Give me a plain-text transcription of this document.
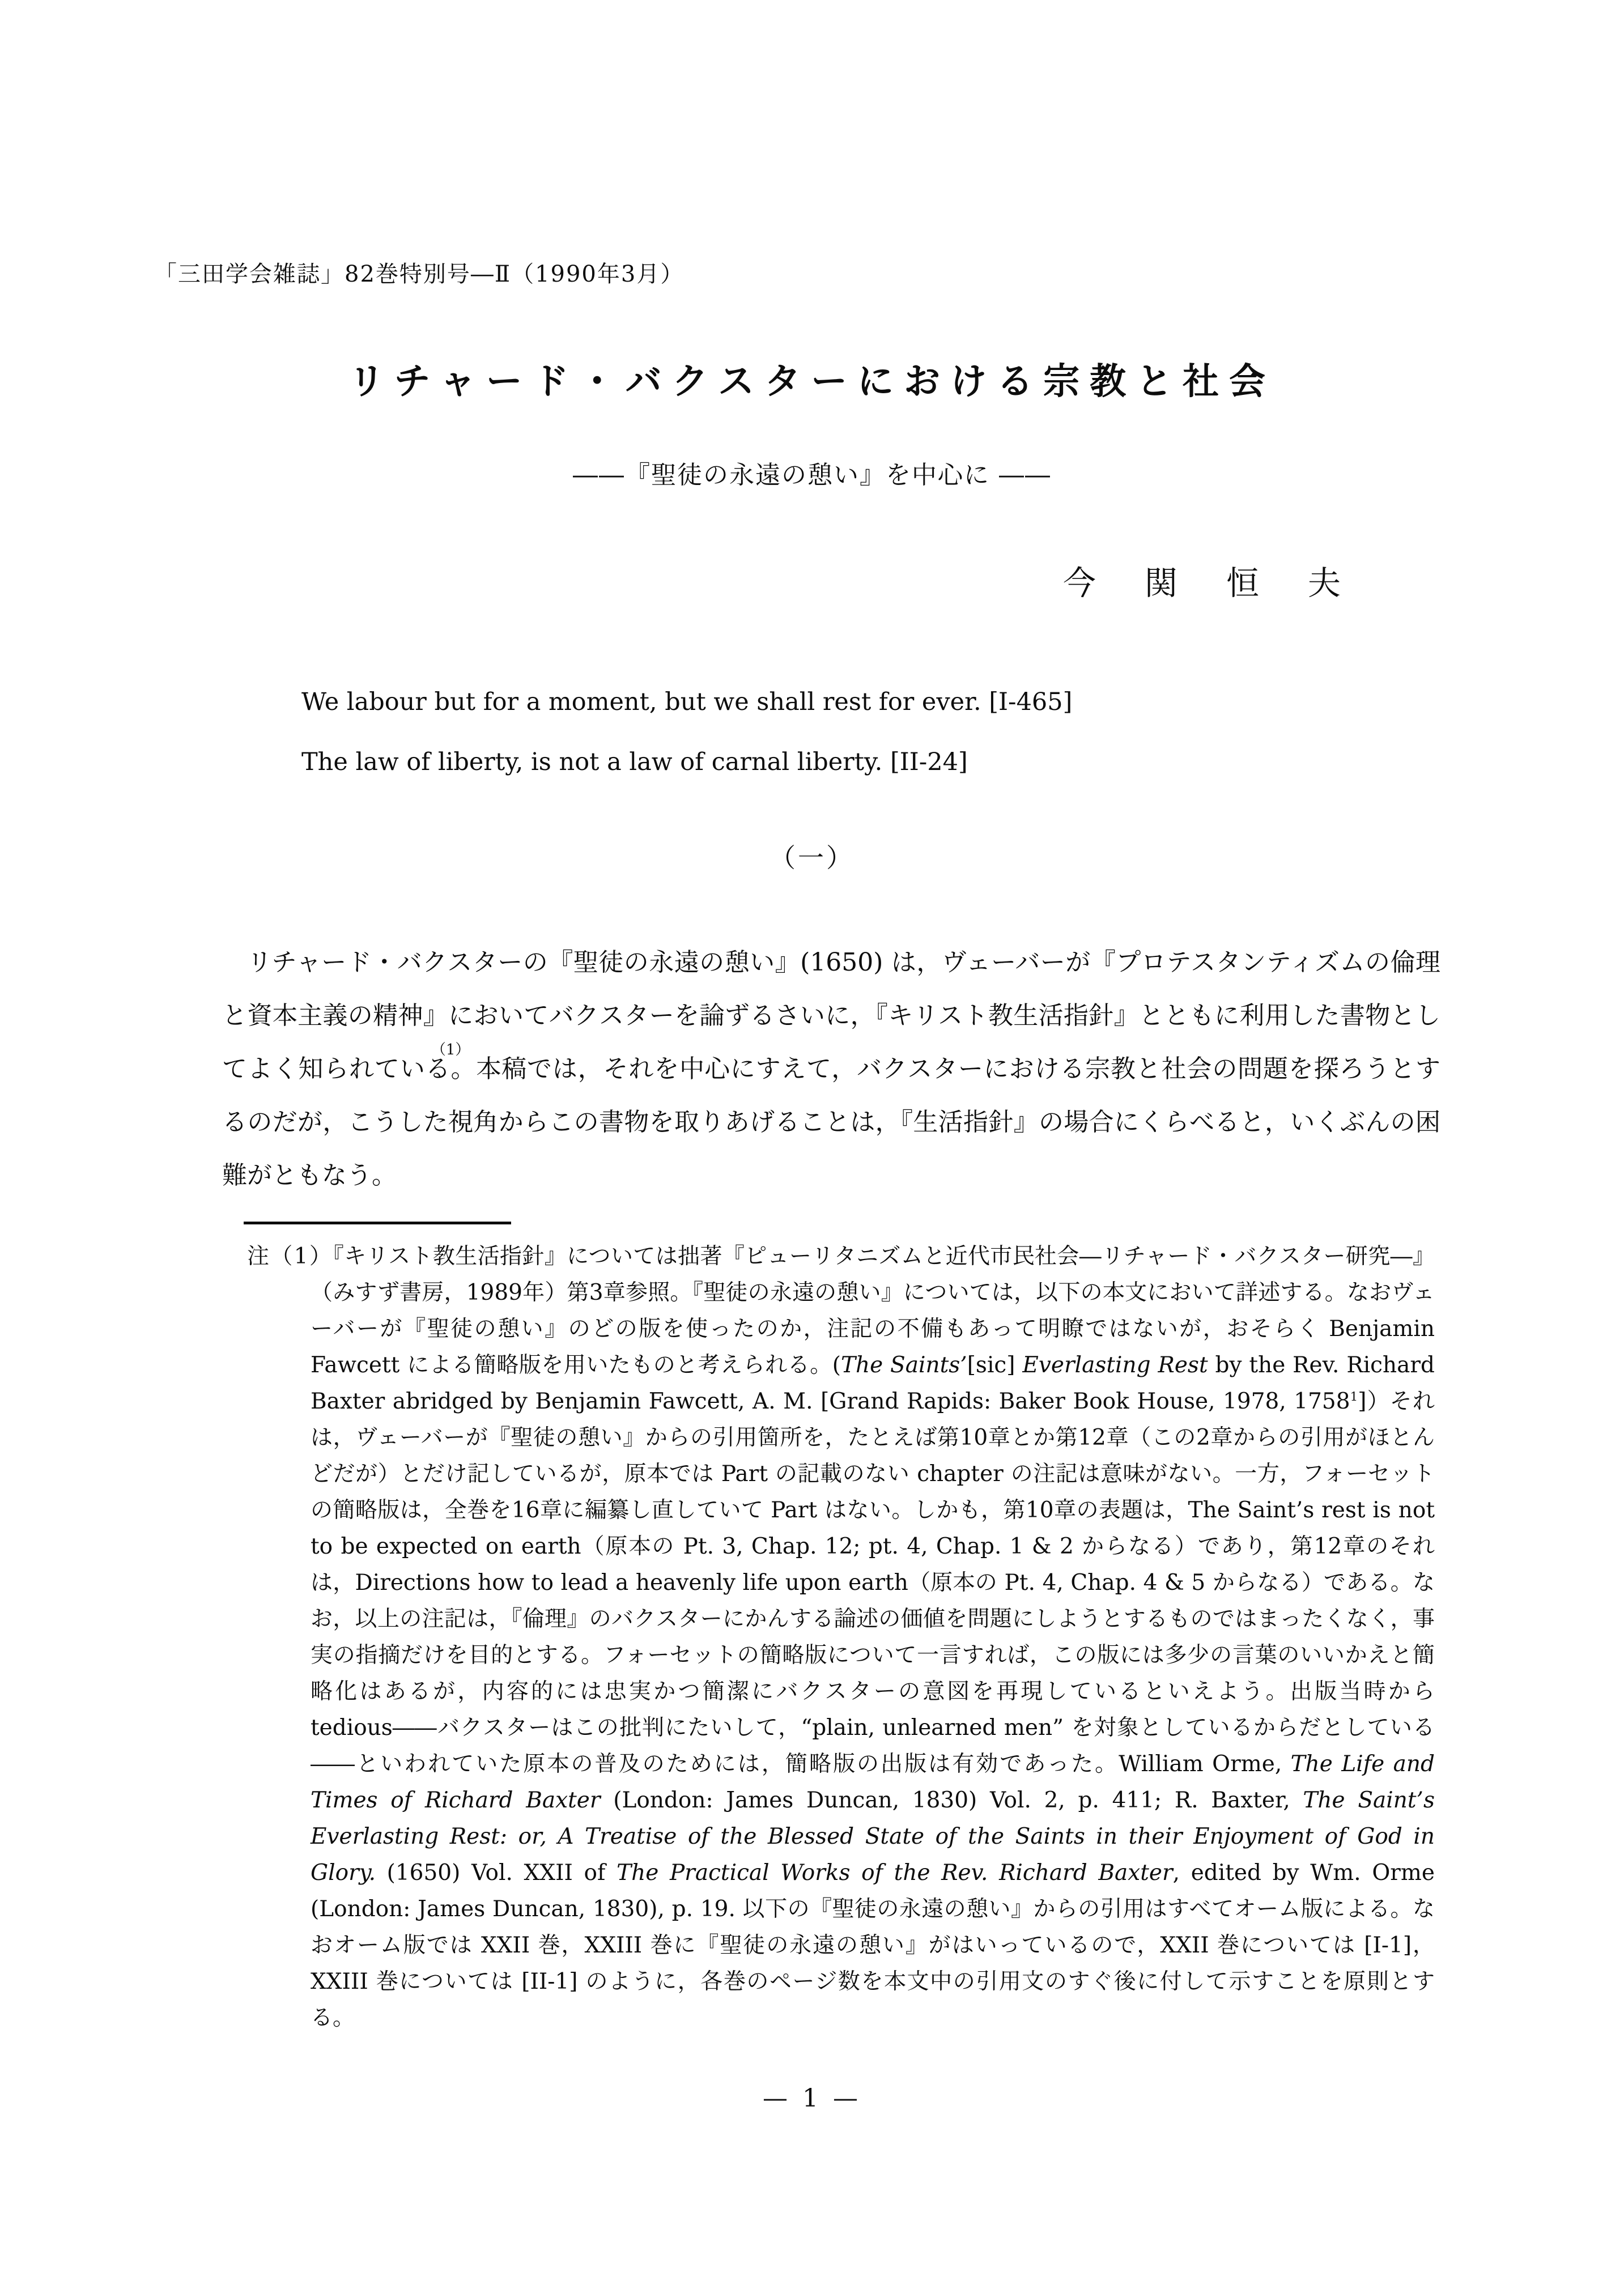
「三田学会雑誌」82巻特別号―Ⅱ（1990年3月）
リチャード・バクスターにおける宗教と社会
――『聖徒の永遠の憩い』を中心に ――
今　関　恒　夫
We labour but for a moment, but we shall rest for ever. [I-465]
The law of liberty, is not a law of carnal liberty. [II-24]
（一）

リチャード・バクスターの『聖徒の永遠の憩い』(1650) は，ヴェーバーが『プロテスタンティズムの倫理と資本主義の精神』においてバクスターを論ずるさいに，『キリスト教生活指針』とともに利用した書物としてよく知られている
（1）
。本稿では，それを中心にすえて，バクスターにおける宗教と社会の問題を探ろうとするのだが，こうした視角からこの書物を取りあげることは，『生活指針』の場合にくらべると，いくぶんの困難がともなう。

注（1）『キリスト教生活指針』については拙著『ピューリタニズムと近代市民社会―リチャード・バクスター研究―』（みすず書房，1989年）第3章参照。『聖徒の永遠の憩い』については，以下の本文において詳述する。なおヴェーバーが『聖徒の憩い』のどの版を使ったのか，注記の不備もあって明瞭ではないが，おそらく Benjamin Fawcett による簡略版を用いたものと考えられる。(The Saints’[sic] Everlasting Rest by the Rev. Richard Baxter abridged by Benjamin Fawcett, A. M. [Grand Rapids: Baker Book House, 1978, 1758$^1$]）それは，ヴェーバーが『聖徒の憩い』からの引用箇所を，たとえば第10章とか第12章（この2章からの引用がほとんどだが）とだけ記しているが，原本では Part の記載のない chapter の注記は意味がない。一方，フォーセットの簡略版は，全巻を16章に編纂し直していて Part はない。しかも，第10章の表題は，The Saint’s rest is not to be expected on earth（原本の Pt. 3, Chap. 12; pt. 4, Chap. 1 & 2 からなる）であり，第12章のそれは，Directions how to lead a heavenly life upon earth（原本の Pt. 4, Chap. 4 & 5 からなる）である。なお，以上の注記は，『倫理』のバクスターにかんする論述の価値を問題にしようとするものではまったくなく，事実の指摘だけを目的とする。フォーセットの簡略版について一言すれば，この版には多少の言葉のいいかえと簡略化はあるが，内容的には忠実かつ簡潔にバクスターの意図を再現しているといえよう。出版当時から tedious――バクスターはこの批判にたいして，“plain, unlearned men” を対象としているからだとしている――といわれていた原本の普及のためには，簡略版の出版は有効であった。William Orme, The Life and Times of Richard Baxter (London: James Duncan, 1830) Vol. 2, p. 411; R. Baxter, The Saint’s Everlasting Rest: or, A Treatise of the Blessed State of the Saints in their Enjoyment of God in Glory. (1650) Vol. XXII of The Practical Works of the Rev. Richard Baxter, edited by Wm. Orme (London: James Duncan, 1830), p. 19. 以下の『聖徒の永遠の憩い』からの引用はすべてオーム版による。なおオーム版では XXII 巻，XXIII 巻に『聖徒の永遠の憩い』がはいっているので，XXII 巻については [I-1]，XXIII 巻については [II-1] のように，各巻のページ数を本文中の引用文のすぐ後に付して示すことを原則とする。
— 1 —
